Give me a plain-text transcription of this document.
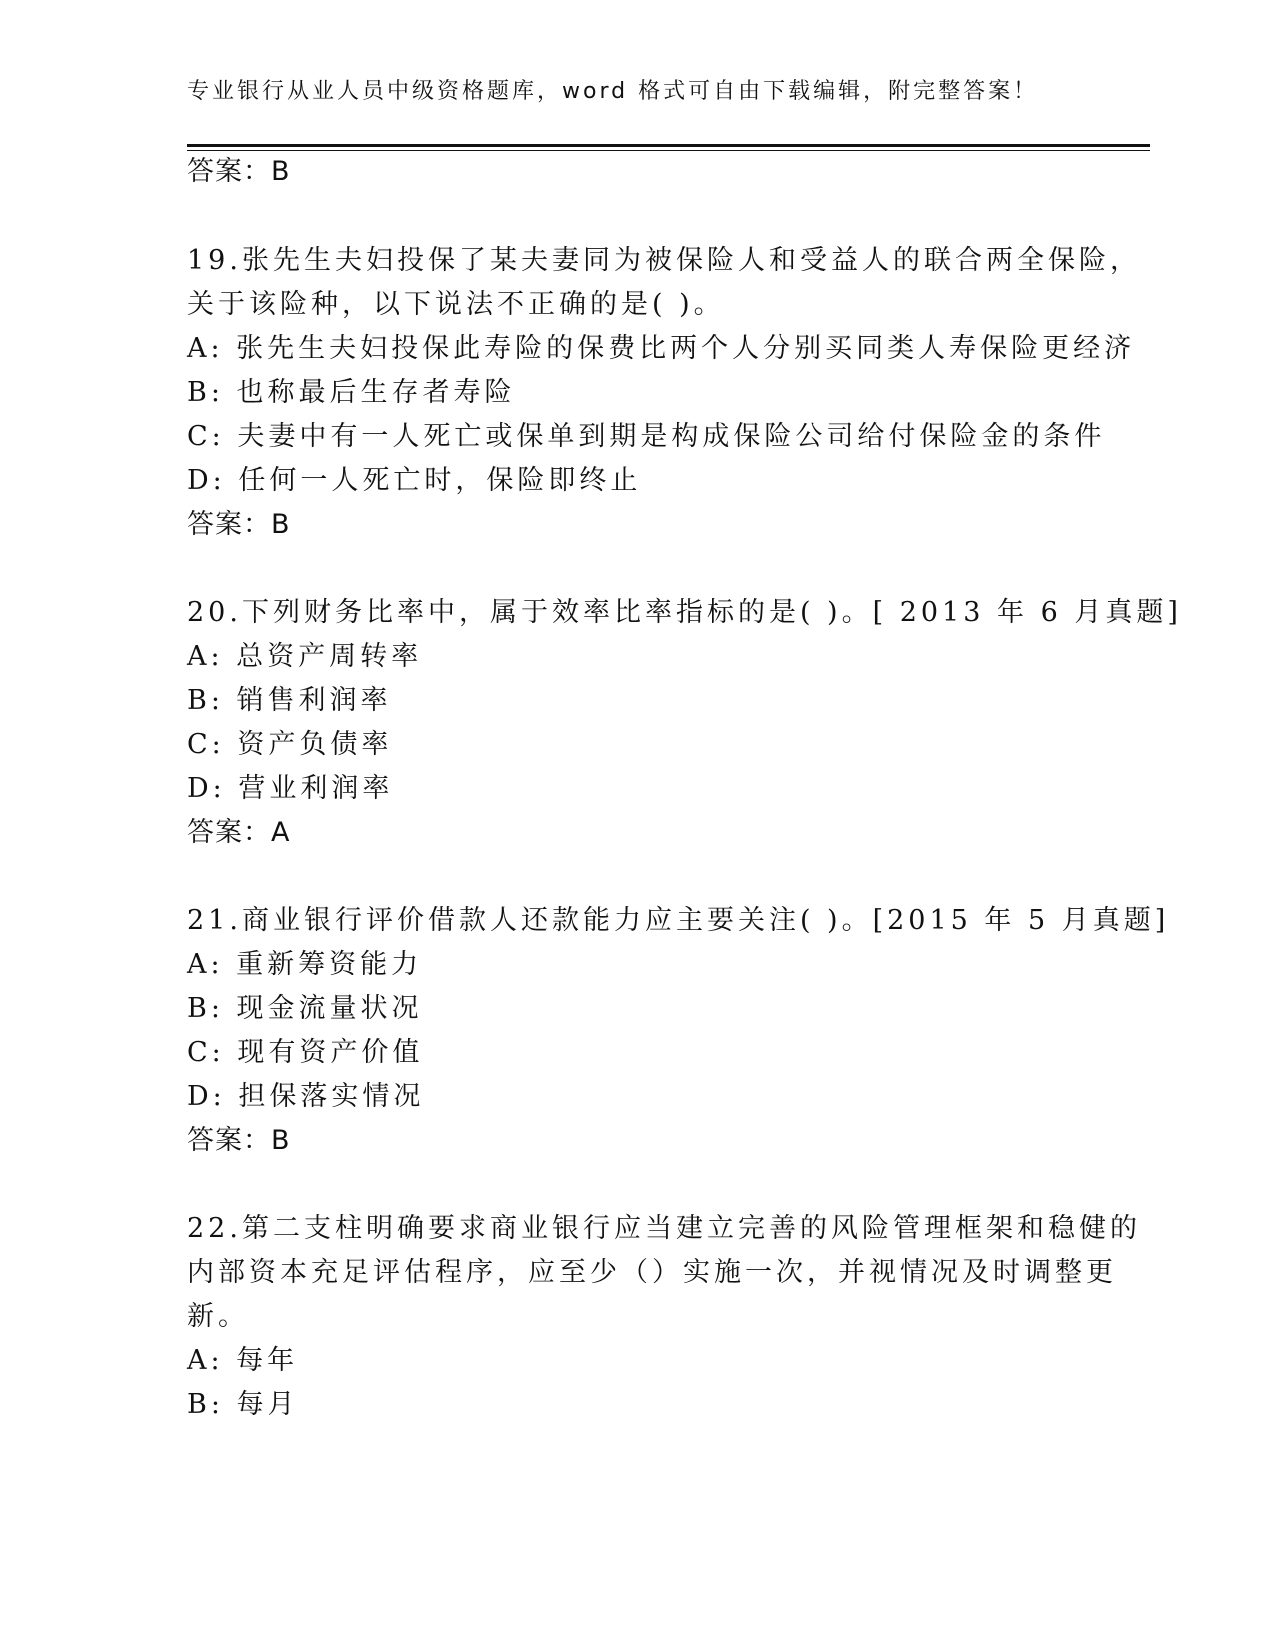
专业银行从业人员中级资格题库，word 格式可自由下载编辑，附完整答案！
答案：B
19.张先生夫妇投保了某夫妻同为被保险人和受益人的联合两全保险，
关于该险种，以下说法不正确的是( )。
A: 张先生夫妇投保此寿险的保费比两个人分别买同类人寿保险更经济
B: 也称最后生存者寿险
C: 夫妻中有一人死亡或保单到期是构成保险公司给付保险金的条件
D: 任何一人死亡时，保险即终止
答案：B
20.下列财务比率中，属于效率比率指标的是( )。[ 2013 年 6 月真题]
A: 总资产周转率
B: 销售利润率
C: 资产负债率
D: 营业利润率
答案：A
21.商业银行评价借款人还款能力应主要关注( )。[2015 年 5 月真题]
A: 重新筹资能力
B: 现金流量状况
C: 现有资产价值
D: 担保落实情况
答案：B
22.第二支柱明确要求商业银行应当建立完善的风险管理框架和稳健的
内部资本充足评估程序，应至少（）实施一次，并视情况及时调整更
新。
A: 每年
B: 每月
